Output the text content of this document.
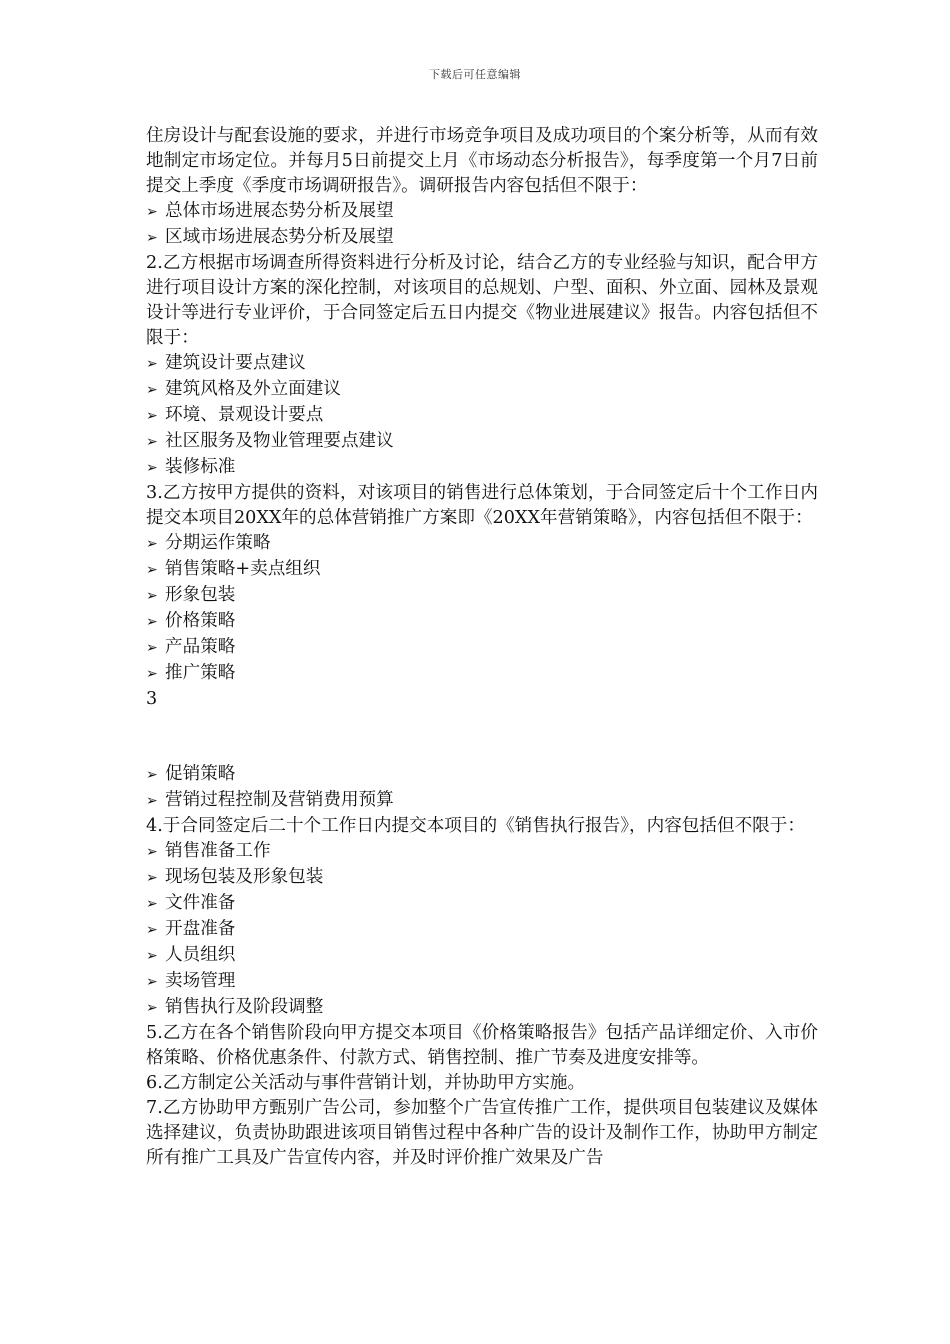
下载后可任意编辑

住房设计与配套设施的要求，并进行市场竞争项目及成功项目的个案分析等，从而有效地制定市场定位。并每月5日前提交上月《市场动态分析报告》，每季度第一个月7日前提交上季度《季度市场调研报告》。调研报告内容包括但不限于：

➢ 总体市场进展态势分析及展望

➢ 区域市场进展态势分析及展望

2.乙方根据市场调查所得资料进行分析及讨论，结合乙方的专业经验与知识，配合甲方进行项目设计方案的深化控制，对该项目的总规划、户型、面积、外立面、园林及景观设计等进行专业评价，于合同签定后五日内提交《物业进展建议》报告。内容包括但不限于：

➢ 建筑设计要点建议

➢ 建筑风格及外立面建议

➢ 环境、景观设计要点

➢ 社区服务及物业管理要点建议

➢ 装修标准

3.乙方按甲方提供的资料，对该项目的销售进行总体策划，于合同签定后十个工作日内提交本项目20XX年的总体营销推广方案即《20XX年营销策略》，内容包括但不限于：

➢ 分期运作策略

➢ 销售策略+卖点组织

➢ 形象包装

➢ 价格策略

➢ 产品策略

➢ 推广策略

3

➢ 促销策略

➢ 营销过程控制及营销费用预算

4.于合同签定后二十个工作日内提交本项目的《销售执行报告》，内容包括但不限于：

➢ 销售准备工作

➢ 现场包装及形象包装

➢ 文件准备

➢ 开盘准备

➢ 人员组织

➢ 卖场管理

➢ 销售执行及阶段调整

5.乙方在各个销售阶段向甲方提交本项目《价格策略报告》包括产品详细定价、入市价格策略、价格优惠条件、付款方式、销售控制、推广节奏及进度安排等。

6.乙方制定公关活动与事件营销计划，并协助甲方实施。

7.乙方协助甲方甄别广告公司，参加整个广告宣传推广工作，提供项目包装建议及媒体选择建议，负责协助跟进该项目销售过程中各种广告的设计及制作工作，协助甲方制定所有推广工具及广告宣传内容，并及时评价推广效果及广告
